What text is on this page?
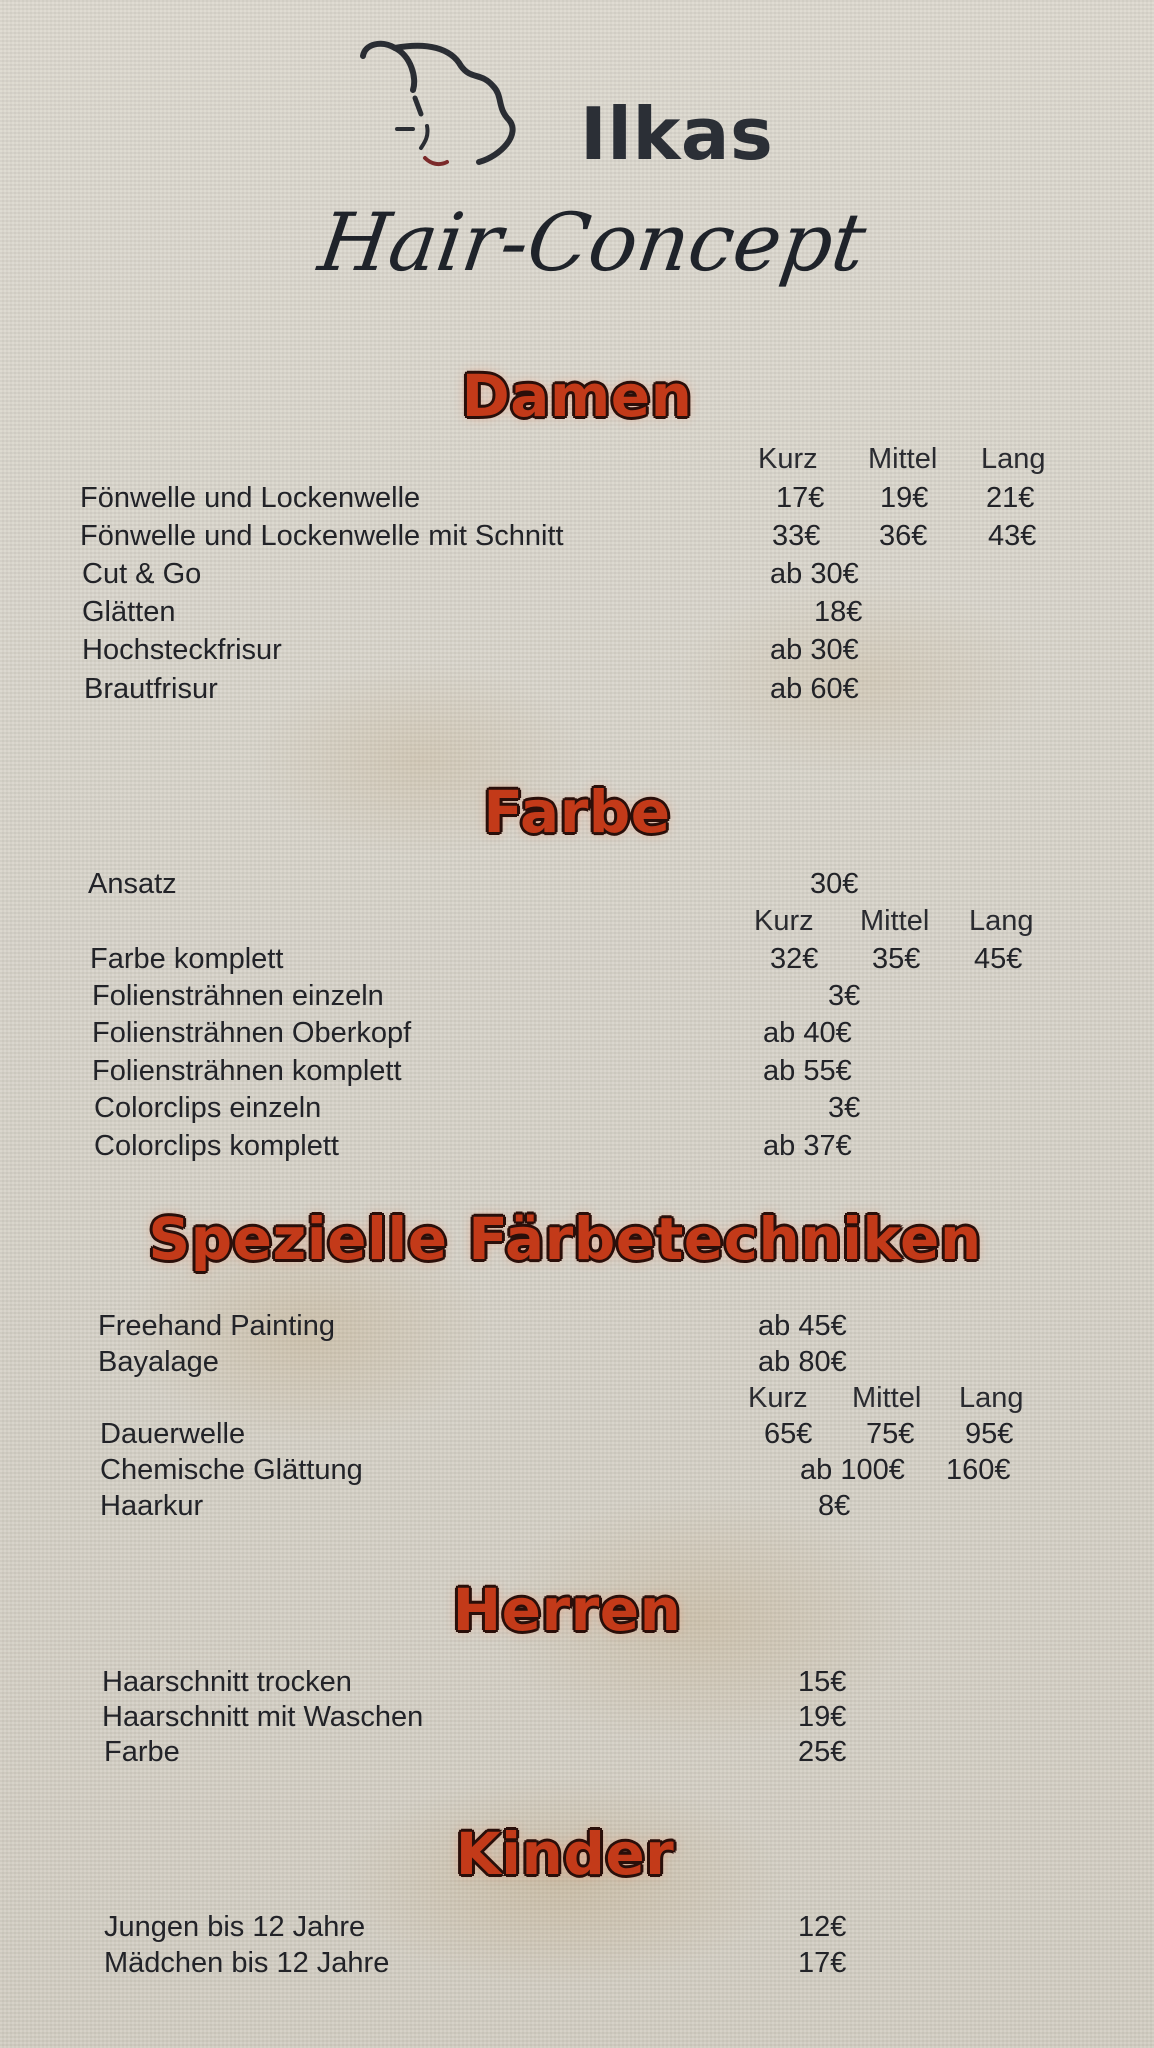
Ilkas
Hair-Concept
Damen
Kurz Mittel Lang
Fönwelle und Lockenwelle	17€ 19€ 21€
Fönwelle und Lockenwelle mit Schnitt	33€ 36€ 43€
Cut & Go	ab 30€
Glätten	18€
Hochsteckfrisur	ab 30€
Brautfrisur	ab 60€
Farbe
Ansatz	30€
Kurz Mittel Lang
Farbe komplett	32€ 35€ 45€
Foliensträhnen einzeln	3€
Foliensträhnen Oberkopf	ab 40€
Foliensträhnen komplett	ab 55€
Colorclips einzeln	3€
Colorclips komplett	ab 37€
Spezielle Färbetechniken
Freehand Painting	ab 45€
Bayalage	ab 80€
Kurz Mittel Lang
Dauerwelle	65€ 75€ 95€
Chemische Glättung	ab 100€ 160€
Haarkur	8€
Herren
Haarschnitt trocken	15€
Haarschnitt mit Waschen	19€
Farbe	25€
Kinder
Jungen bis 12 Jahre	12€
Mädchen bis 12 Jahre	17€
